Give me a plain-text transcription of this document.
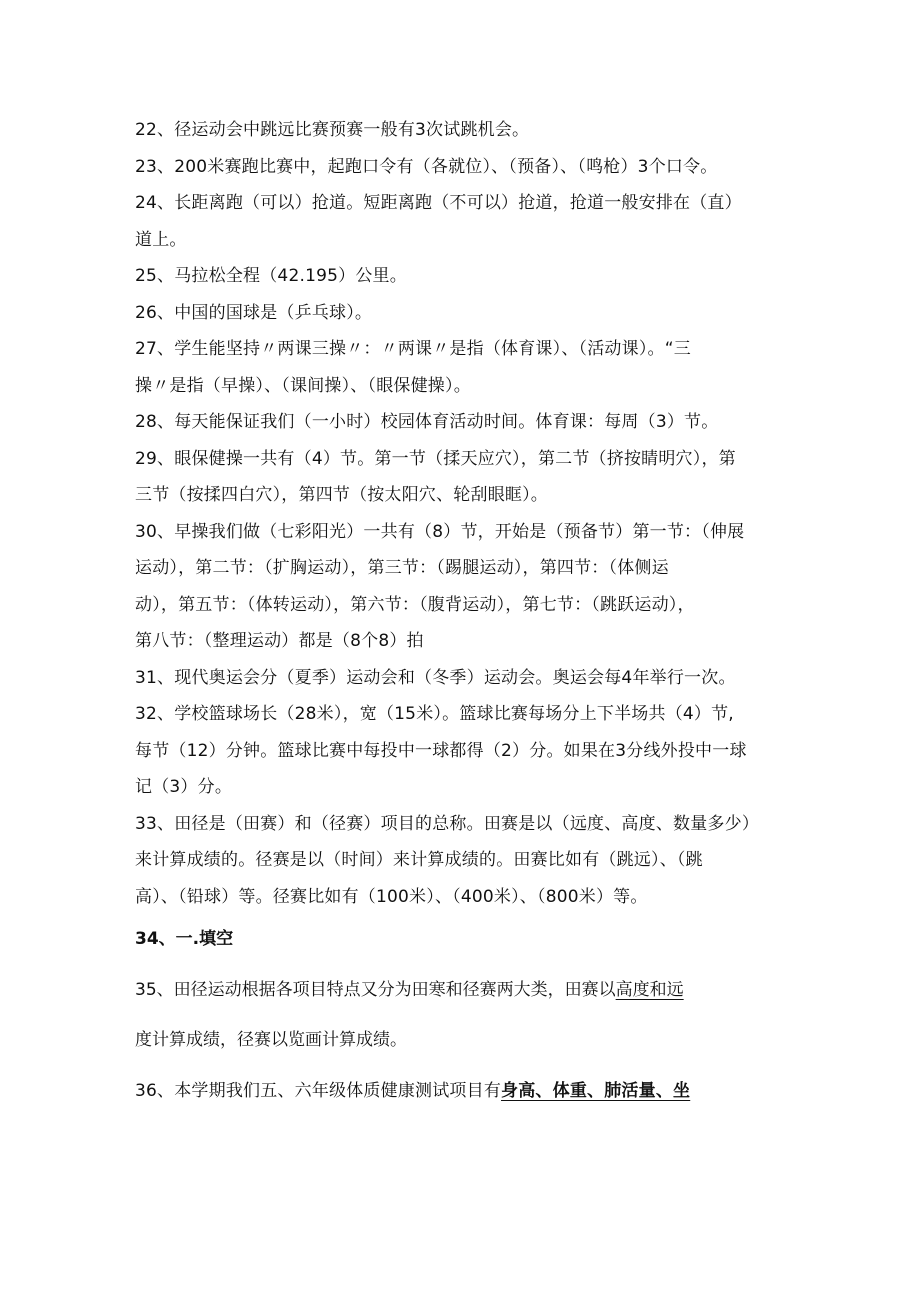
22、径运动会中跳远比赛预赛一般有3次试跳机会。
23、200米赛跑比赛中，起跑口令有（各就位）、（预备）、（鸣枪）3个口令。
24、长距离跑（可以）抢道。短距离跑（不可以）抢道，抢道一般安排在（直）
道上。
25、马拉松全程（42.195）公里。
26、中国的国球是（乒乓球）。
27、学生能坚持〃两课三操〃：〃两课〃是指（体育课）、（活动课）。“三
操〃是指（早操）、（课间操）、（眼保健操）。
28、每天能保证我们（一小时）校园体育活动时间。体育课：每周（3）节。
29、眼保健操一共有（4）节。第一节（揉天应穴），第二节（挤按睛明穴），第
三节（按揉四白穴），第四节（按太阳穴、轮刮眼眶）。
30、早操我们做（七彩阳光）一共有（8）节，开始是（预备节）第一节：（伸展
运动），第二节：（扩胸运动），第三节：（踢腿运动），第四节：（体侧运
动），第五节：（体转运动），第六节：（腹背运动），第七节：（跳跃运动），
第八节：（整理运动）都是（8个8）拍
31、现代奥运会分（夏季）运动会和（冬季）运动会。奥运会每4年举行一次。
32、学校篮球场长（28米），宽（15米）。篮球比赛每场分上下半场共（4）节,
每节（12）分钟。篮球比赛中每投中一球都得（2）分。如果在3分线外投中一球
记（3）分。
33、田径是（田赛）和（径赛）项目的总称。田赛是以（远度、高度、数量多少）
来计算成绩的。径赛是以（时间）来计算成绩的。田赛比如有（跳远）、（跳
高）、（铅球）等。径赛比如有（100米）、（400米）、（800米）等。
34、一.填空
35、田径运动根据各项目特点又分为田寒和径赛两大类，田赛以高度和远
度计算成绩，径赛以览画计算成绩。
36、本学期我们五、六年级体质健康测试项目有身高、体重、肺活量、坐
